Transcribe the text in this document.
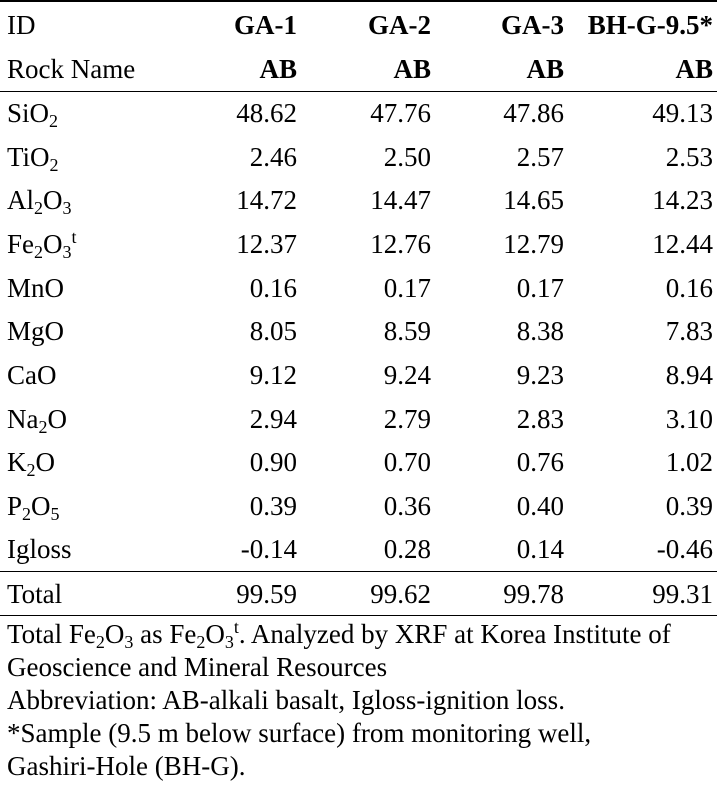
ID	GA-1	GA-2	GA-3	BH-G-9.5*
Rock Name	AB	AB	AB	AB
SiO$_2$	48.62	47.76	47.86	49.13
TiO$_2$	2.46	2.50	2.57	2.53
$Al_2O_3$	14.72	14.47	14.65	14.23
$Fe_2O_3^t$	12.37	12.76	12.79	12.44
MnO	0.16	0.17	0.17	0.16
MgO	8.05	8.59	8.38	7.83
CaO	9.12	9.24	9.23	8.94
$Na_2O$	2.94	2.79	2.83	3.10
$K_2O$	0.90	0.70	0.76	1.02
$P_2O_5$	0.39	0.36	0.40	0.39
Igloss	-0.14	0.28	0.14	-0.46
Total	99.59	99.62	99.78	99.31
Total $Fe_2O_3$ as $Fe_2O_3^t$. Analyzed by XRF at Korea Institute of
Geoscience and Mineral Resources
Abbreviation: AB-alkali basalt, Igloss-ignition loss.
*Sample (9.5 m below surface) from monitoring well,
Gashiri-Hole (BH-G).
